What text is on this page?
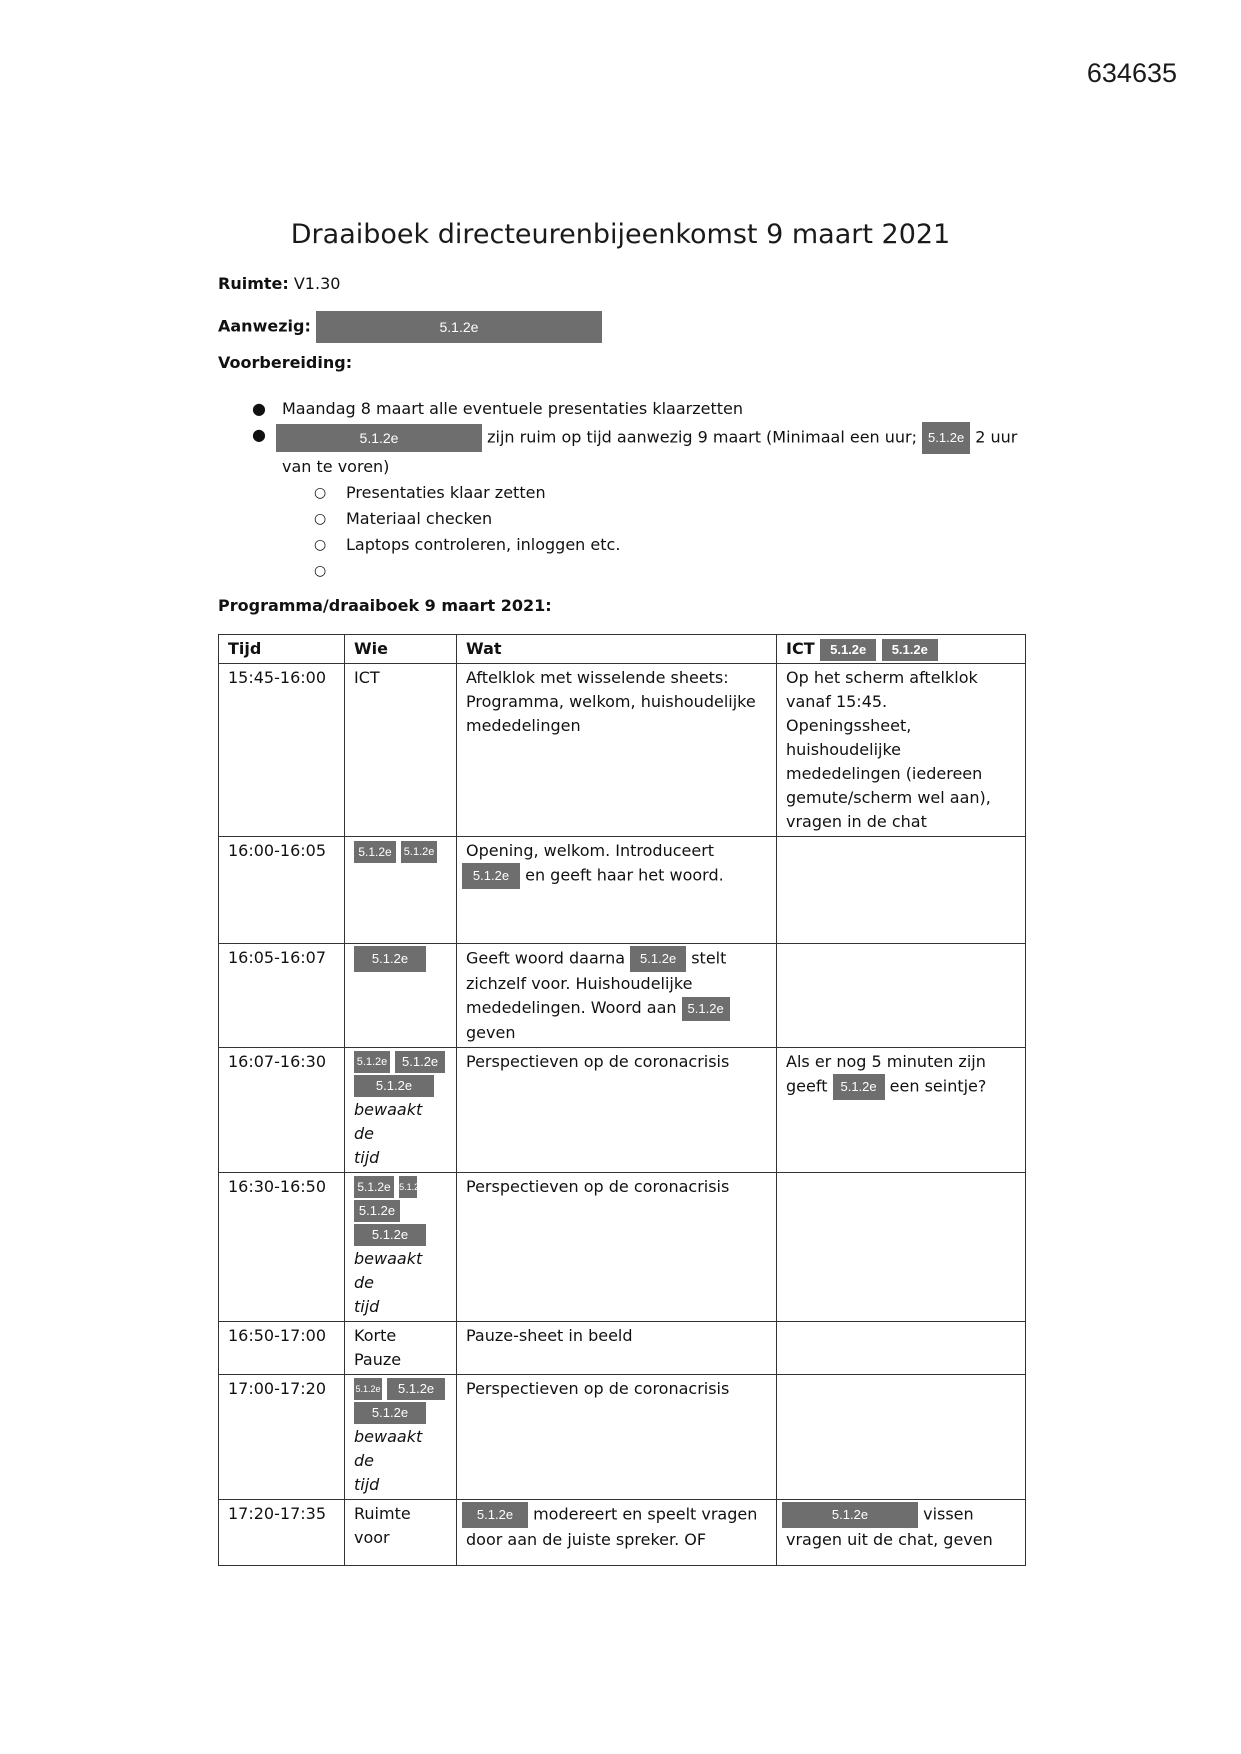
634635
Draaiboek directeurenbijeenkomst 9 maart 2021
Ruimte: V1.30
Aanwezig:	5.1.2e
Voorbereiding:
● Maandag 8 maart alle eventuele presentaties klaarzetten
●	5.1.2e	zijn ruim op tijd aanwezig 9 maart (Minimaal een uur; 5.1.2e 2 uur
van te voren)
○ Presentaties klaar zetten
○ Materiaal checken
○ Laptops controleren, inloggen etc.
○

Programma/draaiboek 9 maart 2021:
Tijd	Wie	Wat	ICT 5.1.2e 5.1.2e
15:45-16:00	ICT	Aftelklok met wisselende sheets: Programma, welkom, huishoudelijke mededelingen	Op het scherm aftelklok vanaf 15:45. Openingssheet, huishoudelijke mededelingen (iedereen gemute/scherm wel aan), vragen in de chat
16:00-16:05	5.1.2e 5.1.2e	Opening, welkom. Introduceert
5.1.2e en geeft haar het woord.	
16:05-16:07	5.1.2e	Geeft woord daarna 5.1.2e stelt zichzelf voor. Huishoudelijke mededelingen. Woord aan 5.1.2e geven	
16:07-16:30	5.1.2e 5.1.2e
5.1.2e
bewaakt de
tijd	Perspectieven op de coronacrisis	Als er nog 5 minuten zijn geeft 5.1.2e een seintje?
16:30-16:50	5.1.2e 5.1.2e
5.1.2e
5.1.2e
bewaakt de
tijd	Perspectieven op de coronacrisis	
16:50-17:00	Korte Pauze	Pauze-sheet in beeld	
17:00-17:20	5.1.2e 5.1.2e
5.1.2e
bewaakt de
tijd	Perspectieven op de coronacrisis	
17:20-17:35	Ruimte voor	5.1.2e modereert en speelt vragen door aan de juiste spreker. OF	5.1.2e vissen vragen uit de chat, geven
